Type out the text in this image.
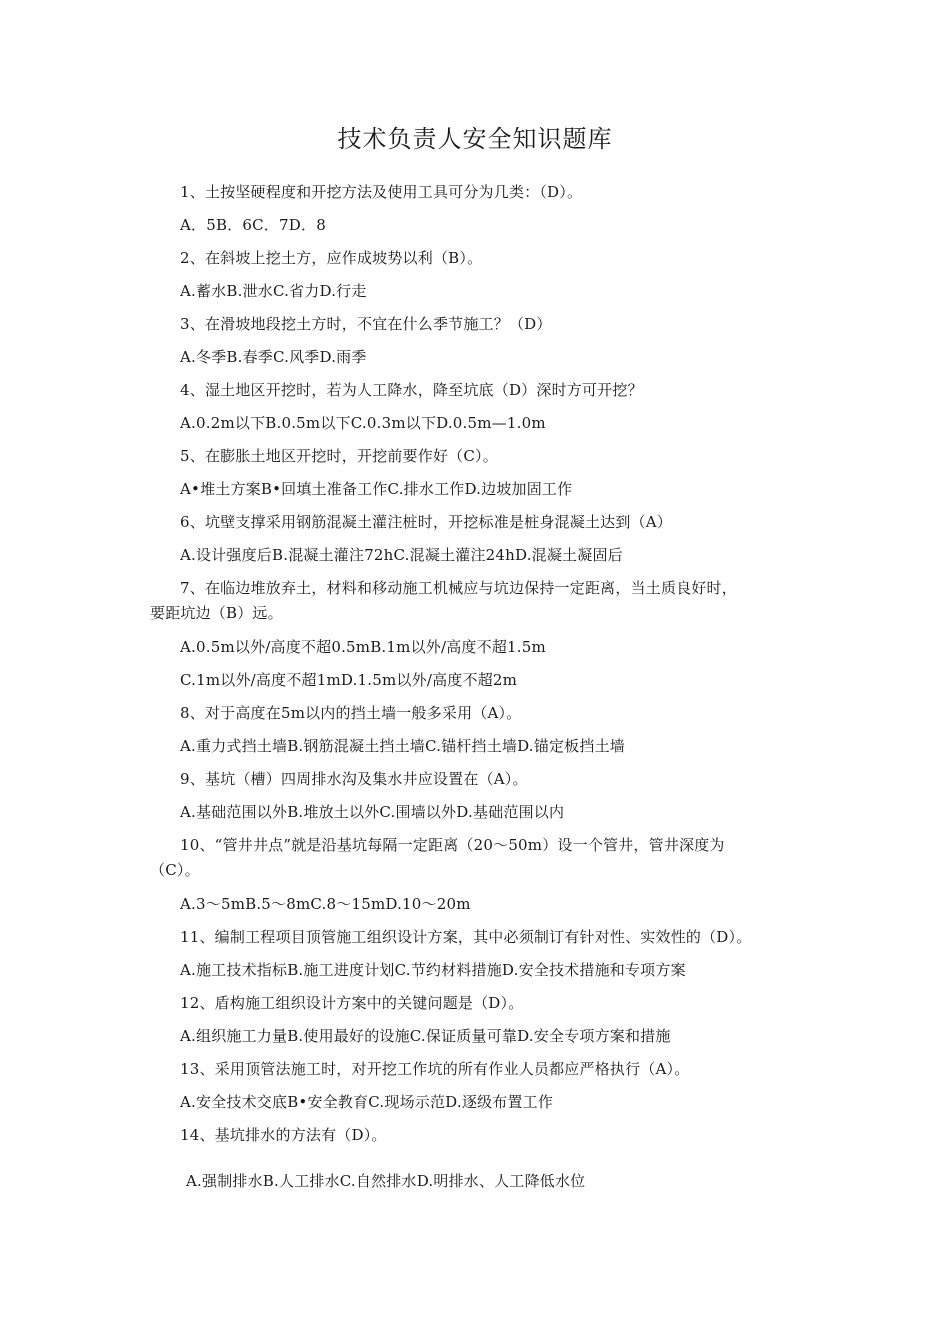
技术负责人安全知识题库
1、土按坚硬程度和开挖方法及使用工具可分为几类：（D）。
A．5B．6C．7D．8
2、在斜坡上挖土方，应作成坡势以利（B）。
A.蓄水B.泄水C.省力D.行走
3、在滑坡地段挖土方时，不宜在什么季节施工？（D）
A.冬季B.春季C.风季D.雨季
4、湿土地区开挖时，若为人工降水，降至坑底（D）深时方可开挖？
A.0.2m以下B.0.5m以下C.0.3m以下D.0.5m—1.0m
5、在膨胀土地区开挖时，开挖前要作好（C）。
A•堆土方案B•回填土准备工作C.排水工作D.边坡加固工作
6、坑壁支撑采用钢筋混凝土灌注桩时，开挖标准是桩身混凝土达到（A）
A.设计强度后B.混凝土灌注72hC.混凝土灌注24hD.混凝土凝固后
7、在临边堆放弃土，材料和移动施工机械应与坑边保持一定距离，当土质良好时，
要距坑边（B）远。
A.0.5m以外/高度不超0.5mB.1m以外/高度不超1.5m
C.1m以外/高度不超1mD.1.5m以外/高度不超2m
8、对于高度在5m以内的挡土墙一般多采用（A）。
A.重力式挡土墙B.钢筋混凝土挡土墙C.锚杆挡土墙D.锚定板挡土墙
9、基坑（槽）四周排水沟及集水井应设置在（A）。
A.基础范围以外B.堆放土以外C.围墙以外D.基础范围以内
10、“管井井点”就是沿基坑每隔一定距离（20〜50m）设一个管井，管井深度为
（C）。
A.3〜5mB.5〜8mC.8〜15mD.10〜20m
11、编制工程项目顶管施工组织设计方案，其中必须制订有针对性、实效性的（D）。
A.施工技术指标B.施工进度计划C.节约材料措施D.安全技术措施和专项方案
12、盾构施工组织设计方案中的关键问题是（D）。
A.组织施工力量B.使用最好的设施C.保证质量可靠D.安全专项方案和措施
13、采用顶管法施工时，对开挖工作坑的所有作业人员都应严格执行（A）。
A.安全技术交底B•安全教育C.现场示范D.逐级布置工作
14、基坑排水的方法有（D）。
A.强制排水B.人工排水C.自然排水D.明排水、人工降低水位
